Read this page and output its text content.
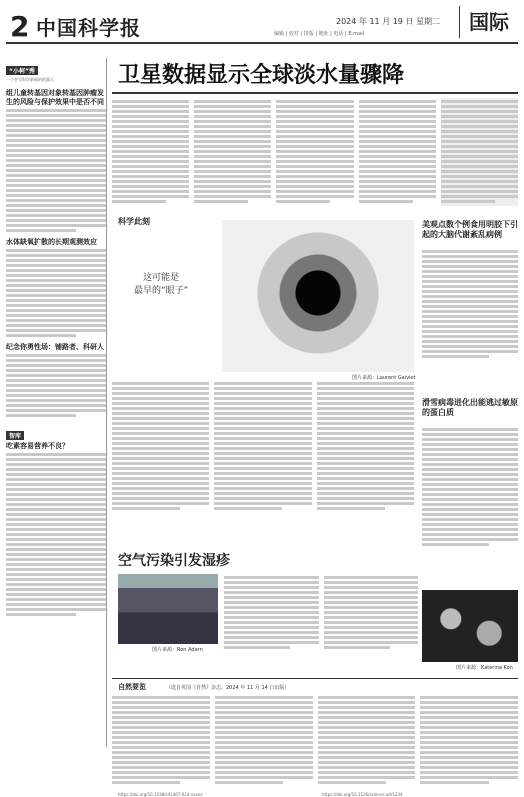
2 中国科学报	2024 年 11 月 19 日 星期二
编辑 | 校对 | 排版 | 地址 | 电话 | E-mail	国际
“小柯”秀
一个会写科学新闻的机器人
组儿童转基因对象转基因肿瘤发生的风险与保护效果中是否不同
水体缺氧扩散的长期观测效应
纪念你勇性场：铺路者、科研人
智库
吃素容易营养不良？
卫星数据显示全球淡水量骤降
科学此刻
这可能是
最早的“眼子”
图片来源：Laurent Gaiviet
美观点数个例食用明胶下引起的大脑代谢紊乱病例
滑雪病毒进化出能逃过敏原的蛋白质
空气污染引发湿疹
图片来源：Ron Adarn
图片来源：Katerina Kon
自然要览	（选自英国《自然》杂志，2024 年 11 月 14 日出版）
https://doi.org/10.1038/s41467-024-xxxxx	https://doi.org/10.1126/science.adr1234
